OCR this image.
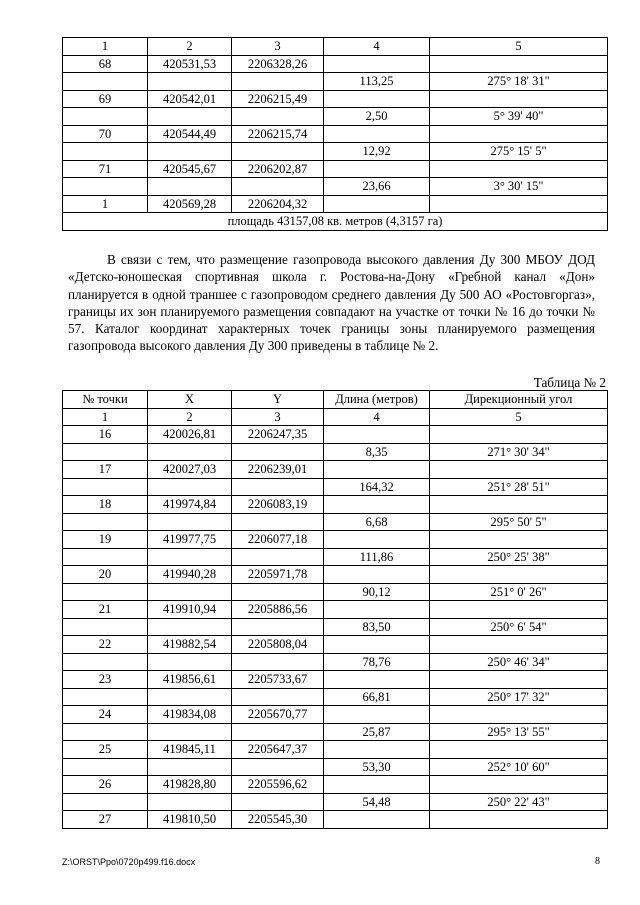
1	2	3	4	5
68	420531,53	2206328,26		
			113,25	275° 18' 31"
69	420542,01	2206215,49		
			2,50	5° 39' 40"
70	420544,49	2206215,74		
			12,92	275° 15' 5"
71	420545,67	2206202,87		
			23,66	3° 30' 15"
1	420569,28	2206204,32		
площадь 43157,08 кв. метров (4,3157 га)				

В связи с тем, что размещение газопровода высокого давления Ду 300 МБОУ ДОД «Детско-юношеская спортивная школа г. Ростова-на-Дону «Гребной канал «Дон» планируется в одной траншее с газопроводом среднего давления Ду 500 АО «Ростовгоргаз», границы их зон планируемого размещения совпадают на участке от точки № 16 до точки № 57. Каталог координат характерных точек границы зоны планируемого размещения газопровода высокого давления Ду 300 приведены в таблице № 2.

Таблица № 2
№ точки	X	Y	Длина (метров)	Дирекционный угол
1	2	3	4	5
16	420026,81	2206247,35		
			8,35	271° 30' 34"
17	420027,03	2206239,01		
			164,32	251° 28' 51"
18	419974,84	2206083,19		
			6,68	295° 50' 5"
19	419977,75	2206077,18		
			111,86	250° 25' 38"
20	419940,28	2205971,78		
			90,12	251° 0' 26"
21	419910,94	2205886,56		
			83,50	250° 6' 54"
22	419882,54	2205808,04		
			78,76	250° 46' 34"
23	419856,61	2205733,67		
			66,81	250° 17' 32"
24	419834,08	2205670,77		
			25,87	295° 13' 55"
25	419845,11	2205647,37		
			53,30	252° 10' 60"
26	419828,80	2205596,62		
			54,48	250° 22' 43"
27	419810,50	2205545,30		
Z:\ORST\Ppo\0720p499.f16.docx	8
